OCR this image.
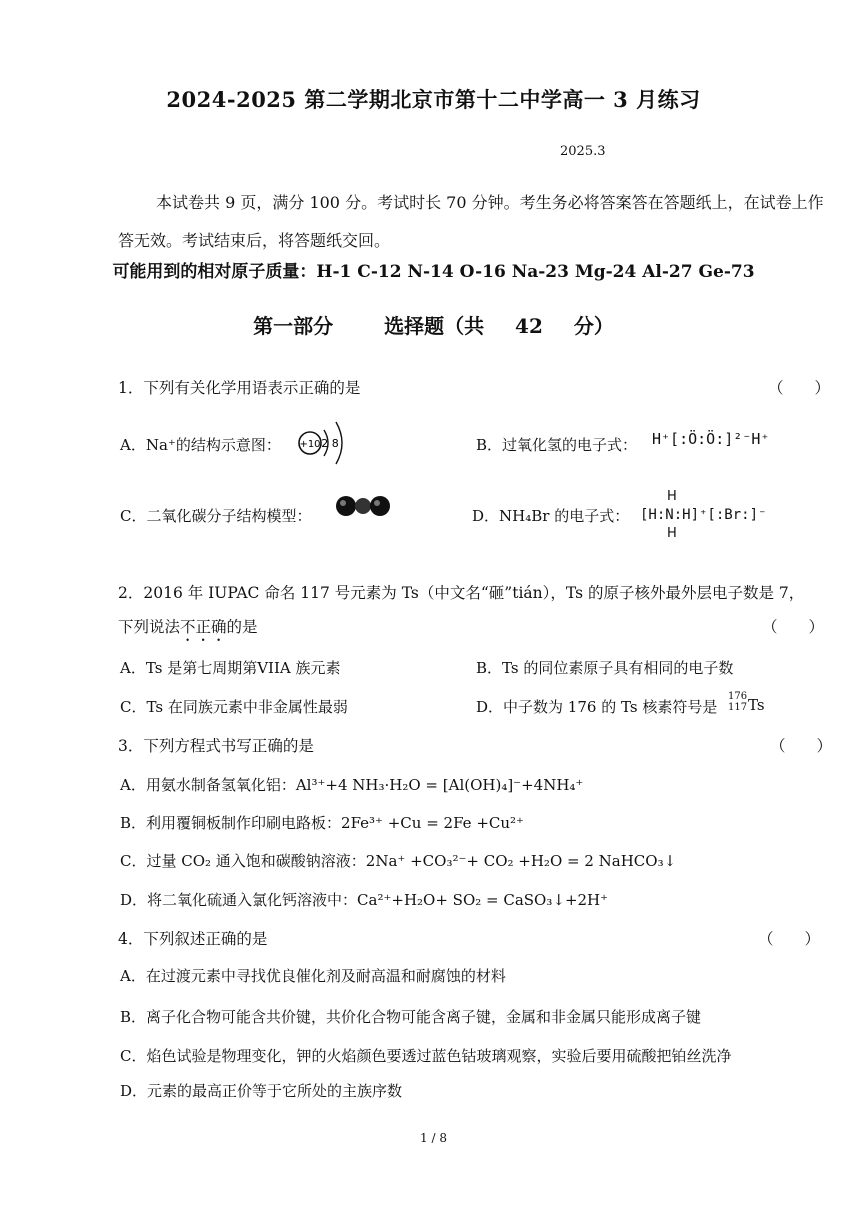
2024-2025 第二学期北京市第十二中学高一 3 月练习
2025.3
本试卷共 9 页，满分 100 分。考试时长 70 分钟。考生务必将答案答在答题纸上，在试卷上作答无效。考试结束后，将答题纸交回。
可能用到的相对原子质量：H-1 C-12 N-14 O-16 Na-23 Mg-24 Al-27 Ge-73
第一部分　 选择题（共 42 分）
1．下列有关化学用语表示正确的是	（　　）
A．Na⁺的结构示意图： +10 2 8	B．过氧化氢的电子式： H⁺[:Ö:Ö:]²⁻H⁺
C．二氧化碳分子结构模型：	D．NH₄Br 的电子式：
H
[H:N:H]⁺[:Br:]⁻
H
2．2016 年 IUPAC 命名 117 号元素为 Ts（中文名“砸”tián），Ts 的原子核外最外层电子数是 7，
下列说法不正确的是	（　　）
A．Ts 是第七周期第VIIA 族元素	B．Ts 的同位素原子具有相同的电子数
C．Ts 在同族元素中非金属性最弱	D．中子数为 176 的 Ts 核素符号是
176
117 Ts
3．下列方程式书写正确的是	（　　）
A．用氨水制备氢氧化铝：Al³⁺+4 NH₃·H₂O = [Al(OH)₄]⁻+4NH₄⁺
B．利用覆铜板制作印刷电路板：2Fe³⁺ +Cu = 2Fe +Cu²⁺
C．过量 CO₂ 通入饱和碳酸钠溶液：2Na⁺ +CO₃²⁻+ CO₂ +H₂O = 2 NaHCO₃↓
D．将二氧化硫通入氯化钙溶液中：Ca²⁺+H₂O+ SO₂ = CaSO₃↓+2H⁺
4．下列叙述正确的是	（　　）
A．在过渡元素中寻找优良催化剂及耐高温和耐腐蚀的材料
B．离子化合物可能含共价键，共价化合物可能含离子键，金属和非金属只能形成离子键
C．焰色试验是物理变化，钾的火焰颜色要透过蓝色钴玻璃观察，实验后要用硫酸把铂丝洗净
D．元素的最高正价等于它所处的主族序数
1 / 8
